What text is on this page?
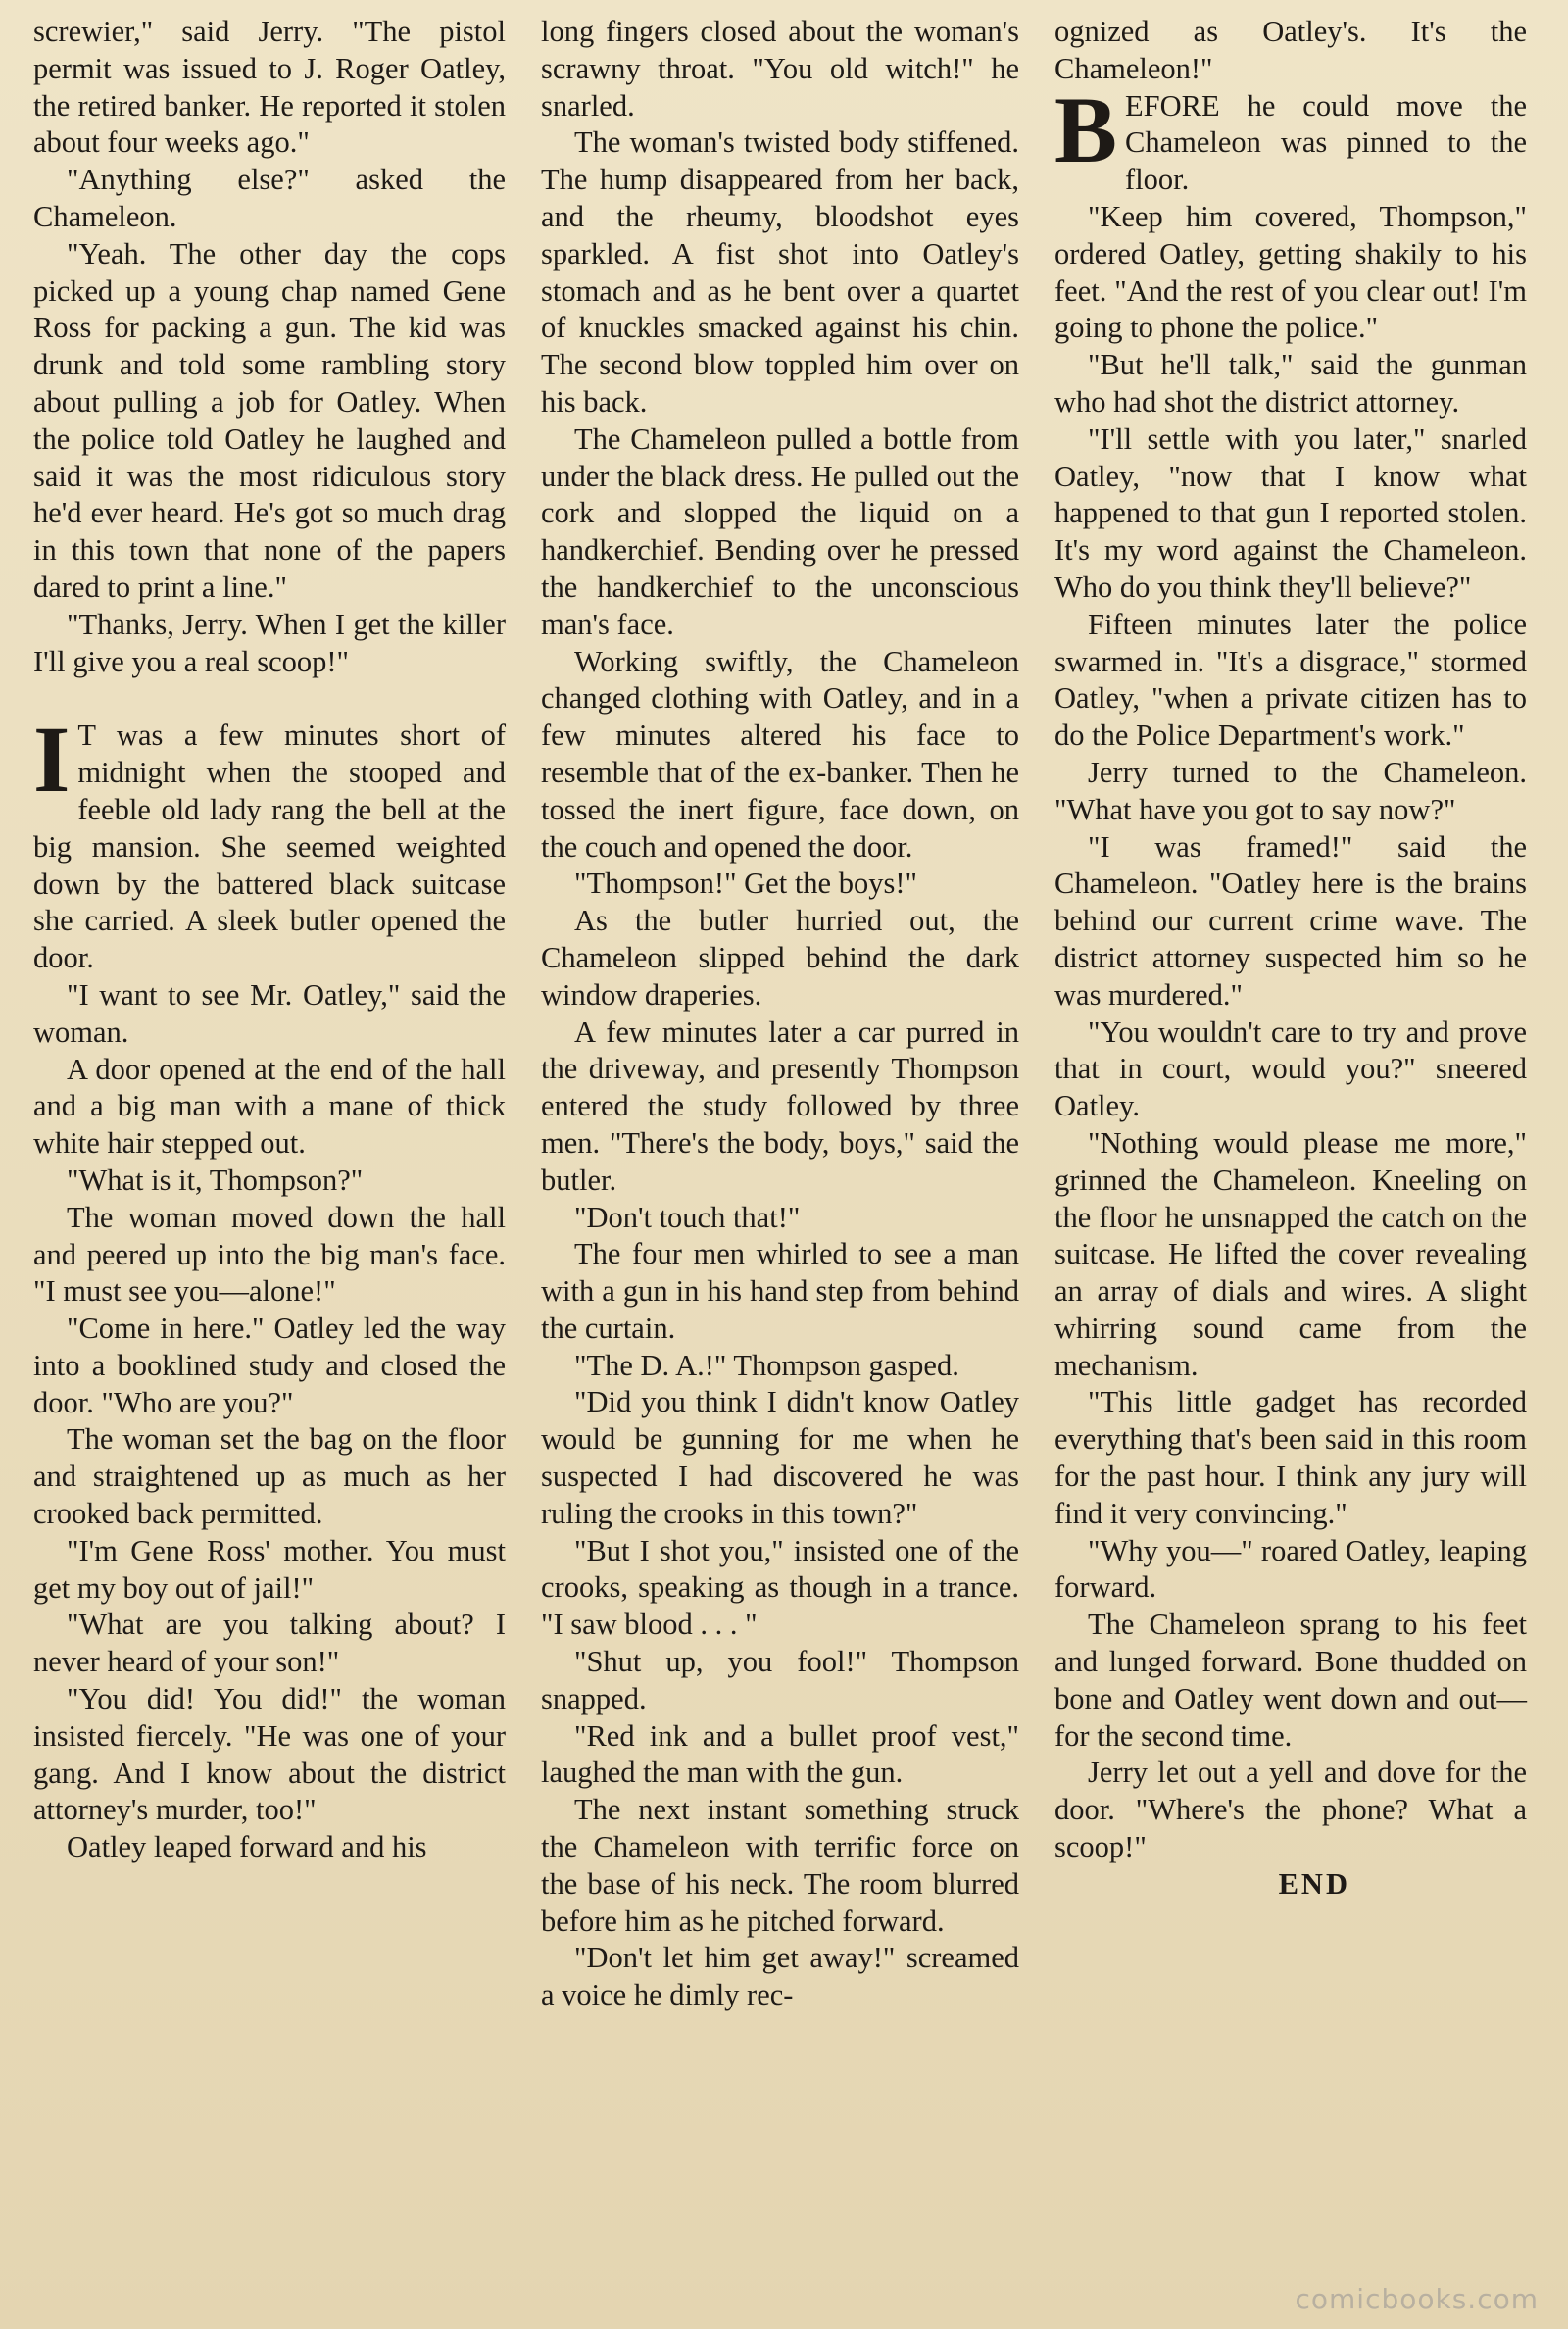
screwier," said Jerry. "The pistol permit was issued to J. Roger Oatley, the retired banker. He reported it stolen about four weeks ago."

"Anything else?" asked the Chameleon.

"Yeah. The other day the cops picked up a young chap named Gene Ross for packing a gun. The kid was drunk and told some rambling story about pulling a job for Oatley. When the police told Oatley he laughed and said it was the most ridiculous story he'd ever heard. He's got so much drag in this town that none of the papers dared to print a line."

"Thanks, Jerry. When I get the killer I'll give you a real scoop!"

IT was a few minutes short of midnight when the stooped and feeble old lady rang the bell at the big mansion. She seemed weighted down by the battered black suitcase she carried. A sleek butler opened the door.

"I want to see Mr. Oatley," said the woman.

A door opened at the end of the hall and a big man with a mane of thick white hair stepped out.

"What is it, Thompson?"

The woman moved down the hall and peered up into the big man's face. "I must see you—alone!"

"Come in here." Oatley led the way into a booklined study and closed the door. "Who are you?"

The woman set the bag on the floor and straightened up as much as her crooked back permitted.

"I'm Gene Ross' mother. You must get my boy out of jail!"

"What are you talking about? I never heard of your son!"

"You did! You did!" the woman insisted fiercely. "He was one of your gang. And I know about the district attorney's murder, too!"

Oatley leaped forward and his

long fingers closed about the woman's scrawny throat. "You old witch!" he snarled.

The woman's twisted body stiffened. The hump disappeared from her back, and the rheumy, bloodshot eyes sparkled. A fist shot into Oatley's stomach and as he bent over a quartet of knuckles smacked against his chin. The second blow toppled him over on his back.

The Chameleon pulled a bottle from under the black dress. He pulled out the cork and slopped the liquid on a handkerchief. Bending over he pressed the handkerchief to the unconscious man's face.

Working swiftly, the Chameleon changed clothing with Oatley, and in a few minutes altered his face to resemble that of the ex-banker. Then he tossed the inert figure, face down, on the couch and opened the door.

"Thompson!" Get the boys!"

As the butler hurried out, the Chameleon slipped behind the dark window draperies.

A few minutes later a car purred in the driveway, and presently Thompson entered the study followed by three men. "There's the body, boys," said the butler.

"Don't touch that!"

The four men whirled to see a man with a gun in his hand step from behind the curtain.

"The D. A.!" Thompson gasped.

"Did you think I didn't know Oatley would be gunning for me when he suspected I had discovered he was ruling the crooks in this town?"

"But I shot you," insisted one of the crooks, speaking as though in a trance. "I saw blood . . . "

"Shut up, you fool!" Thompson snapped.

"Red ink and a bullet proof vest," laughed the man with the gun.

The next instant something struck the Chameleon with terrific force on the base of his neck. The room blurred before him as he pitched forward.

"Don't let him get away!" screamed a voice he dimly rec-

ognized as Oatley's. It's the Chameleon!"

BEFORE he could move the Chameleon was pinned to the floor.

"Keep him covered, Thompson," ordered Oatley, getting shakily to his feet. "And the rest of you clear out! I'm going to phone the police."

"But he'll talk," said the gunman who had shot the district attorney.

"I'll settle with you later," snarled Oatley, "now that I know what happened to that gun I reported stolen. It's my word against the Chameleon. Who do you think they'll believe?"

Fifteen minutes later the police swarmed in. "It's a disgrace," stormed Oatley, "when a private citizen has to do the Police Department's work."

Jerry turned to the Chameleon. "What have you got to say now?"

"I was framed!" said the Chameleon. "Oatley here is the brains behind our current crime wave. The district attorney suspected him so he was murdered."

"You wouldn't care to try and prove that in court, would you?" sneered Oatley.

"Nothing would please me more," grinned the Chameleon. Kneeling on the floor he unsnapped the catch on the suitcase. He lifted the cover revealing an array of dials and wires. A slight whirring sound came from the mechanism.

"This little gadget has recorded everything that's been said in this room for the past hour. I think any jury will find it very convincing."

"Why you—" roared Oatley, leaping forward.

The Chameleon sprang to his feet and lunged forward. Bone thudded on bone and Oatley went down and out—for the second time.

Jerry let out a yell and dove for the door. "Where's the phone? What a scoop!"

END

comicbooks.com
